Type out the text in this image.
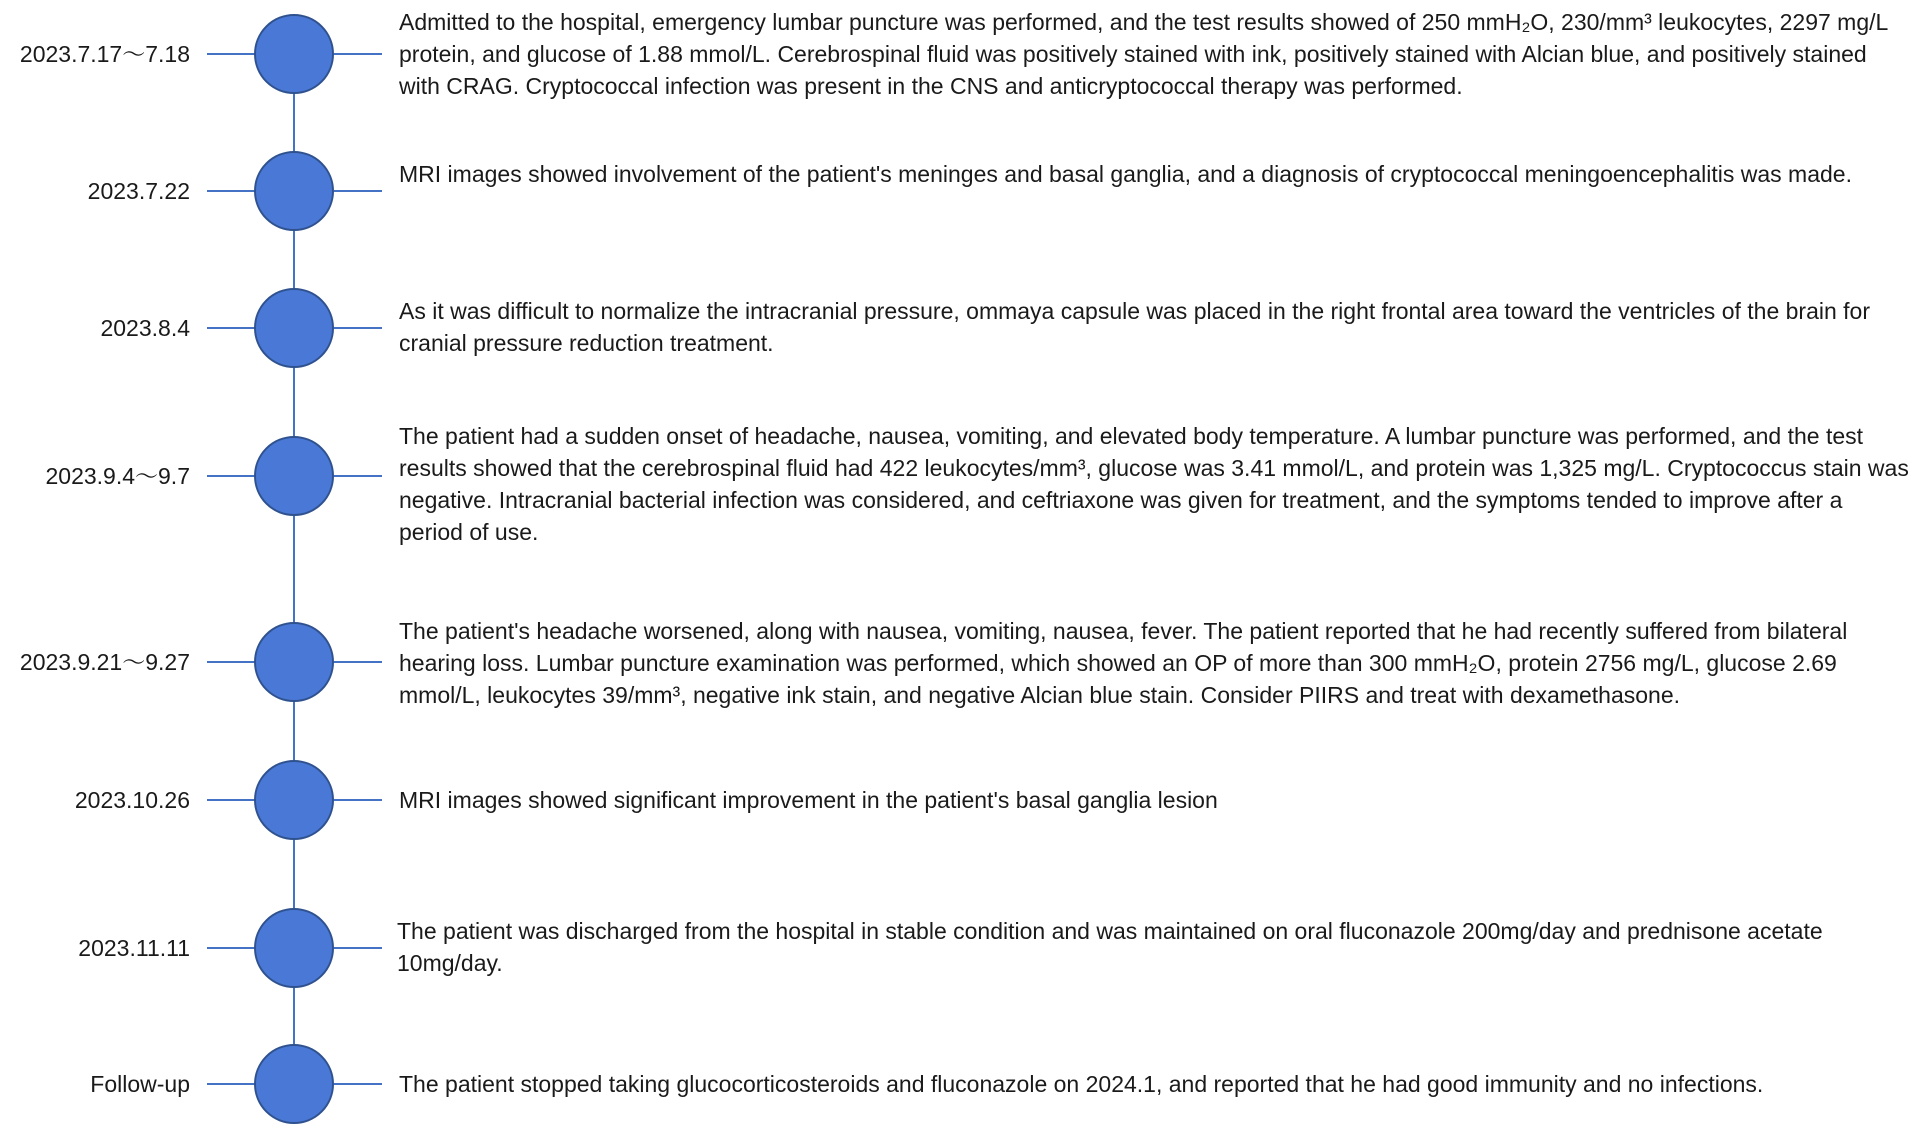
2023.7.17～7.18

Admitted to the hospital, emergency lumbar puncture was performed, and the test results showed of 250 mmH₂O, 230/mm³ leukocytes, 2297 mg/L protein, and glucose of 1.88 mmol/L. Cerebrospinal fluid was positively stained with ink, positively stained with Alcian blue, and positively stained with CRAG. Cryptococcal infection was present in the CNS and anticryptococcal therapy was performed.

2023.7.22

MRI images showed involvement of the patient's meninges and basal ganglia, and a diagnosis of cryptococcal meningoencephalitis was made.

2023.8.4

As it was difficult to normalize the intracranial pressure, ommaya capsule was placed in the right frontal area toward the ventricles of the brain for cranial pressure reduction treatment.

2023.9.4～9.7

The patient had a sudden onset of headache, nausea, vomiting, and elevated body temperature. A lumbar puncture was performed, and the test results showed that the cerebrospinal fluid had 422 leukocytes/mm³, glucose was 3.41 mmol/L, and protein was 1,325 mg/L. Cryptococcus stain was negative. Intracranial bacterial infection was considered, and ceftriaxone was given for treatment, and the symptoms tended to improve after a period of use.

2023.9.21～9.27

The patient's headache worsened, along with nausea, vomiting, nausea, fever. The patient reported that he had recently suffered from bilateral hearing loss. Lumbar puncture examination was performed, which showed an OP of more than 300 mmH₂O, protein 2756 mg/L, glucose 2.69 mmol/L, leukocytes 39/mm³, negative ink stain, and negative Alcian blue stain. Consider PIIRS and treat with dexamethasone.

2023.10.26	MRI images showed significant improvement in the patient's basal ganglia lesion

2023.11.11

The patient was discharged from the hospital in stable condition and was maintained on oral fluconazole 200mg/day and prednisone acetate 10mg/day.

Follow-up	The patient stopped taking glucocorticosteroids and fluconazole on 2024.1, and reported that he had good immunity and no infections.
